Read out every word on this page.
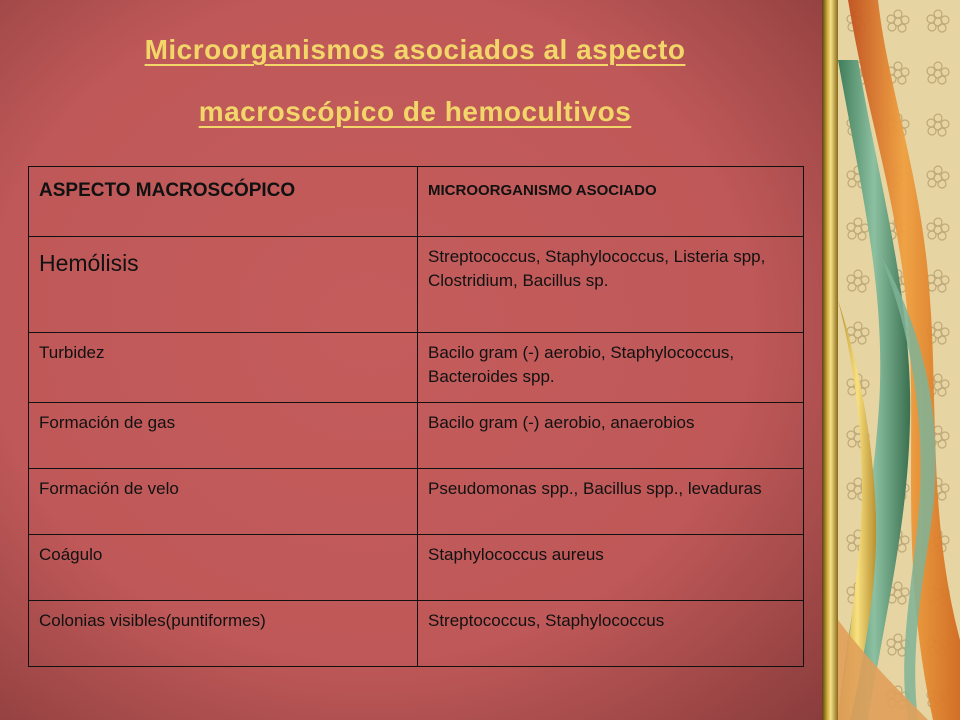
Microorganismos asociados al aspecto
macroscópico de hemocultivos
ASPECTO MACROSCÓPICO	MICROORGANISMO ASOCIADO
Hemólisis	Streptococcus, Staphylococcus, Listeria spp, Clostridium, Bacillus sp.
Turbidez	Bacilo gram (-) aerobio, Staphylococcus, Bacteroides spp.
Formación de gas	Bacilo gram (-) aerobio, anaerobios
Formación de velo	Pseudomonas spp., Bacillus spp., levaduras
Coágulo	Staphylococcus aureus
Colonias visibles(puntiformes)	Streptococcus, Staphylococcus
